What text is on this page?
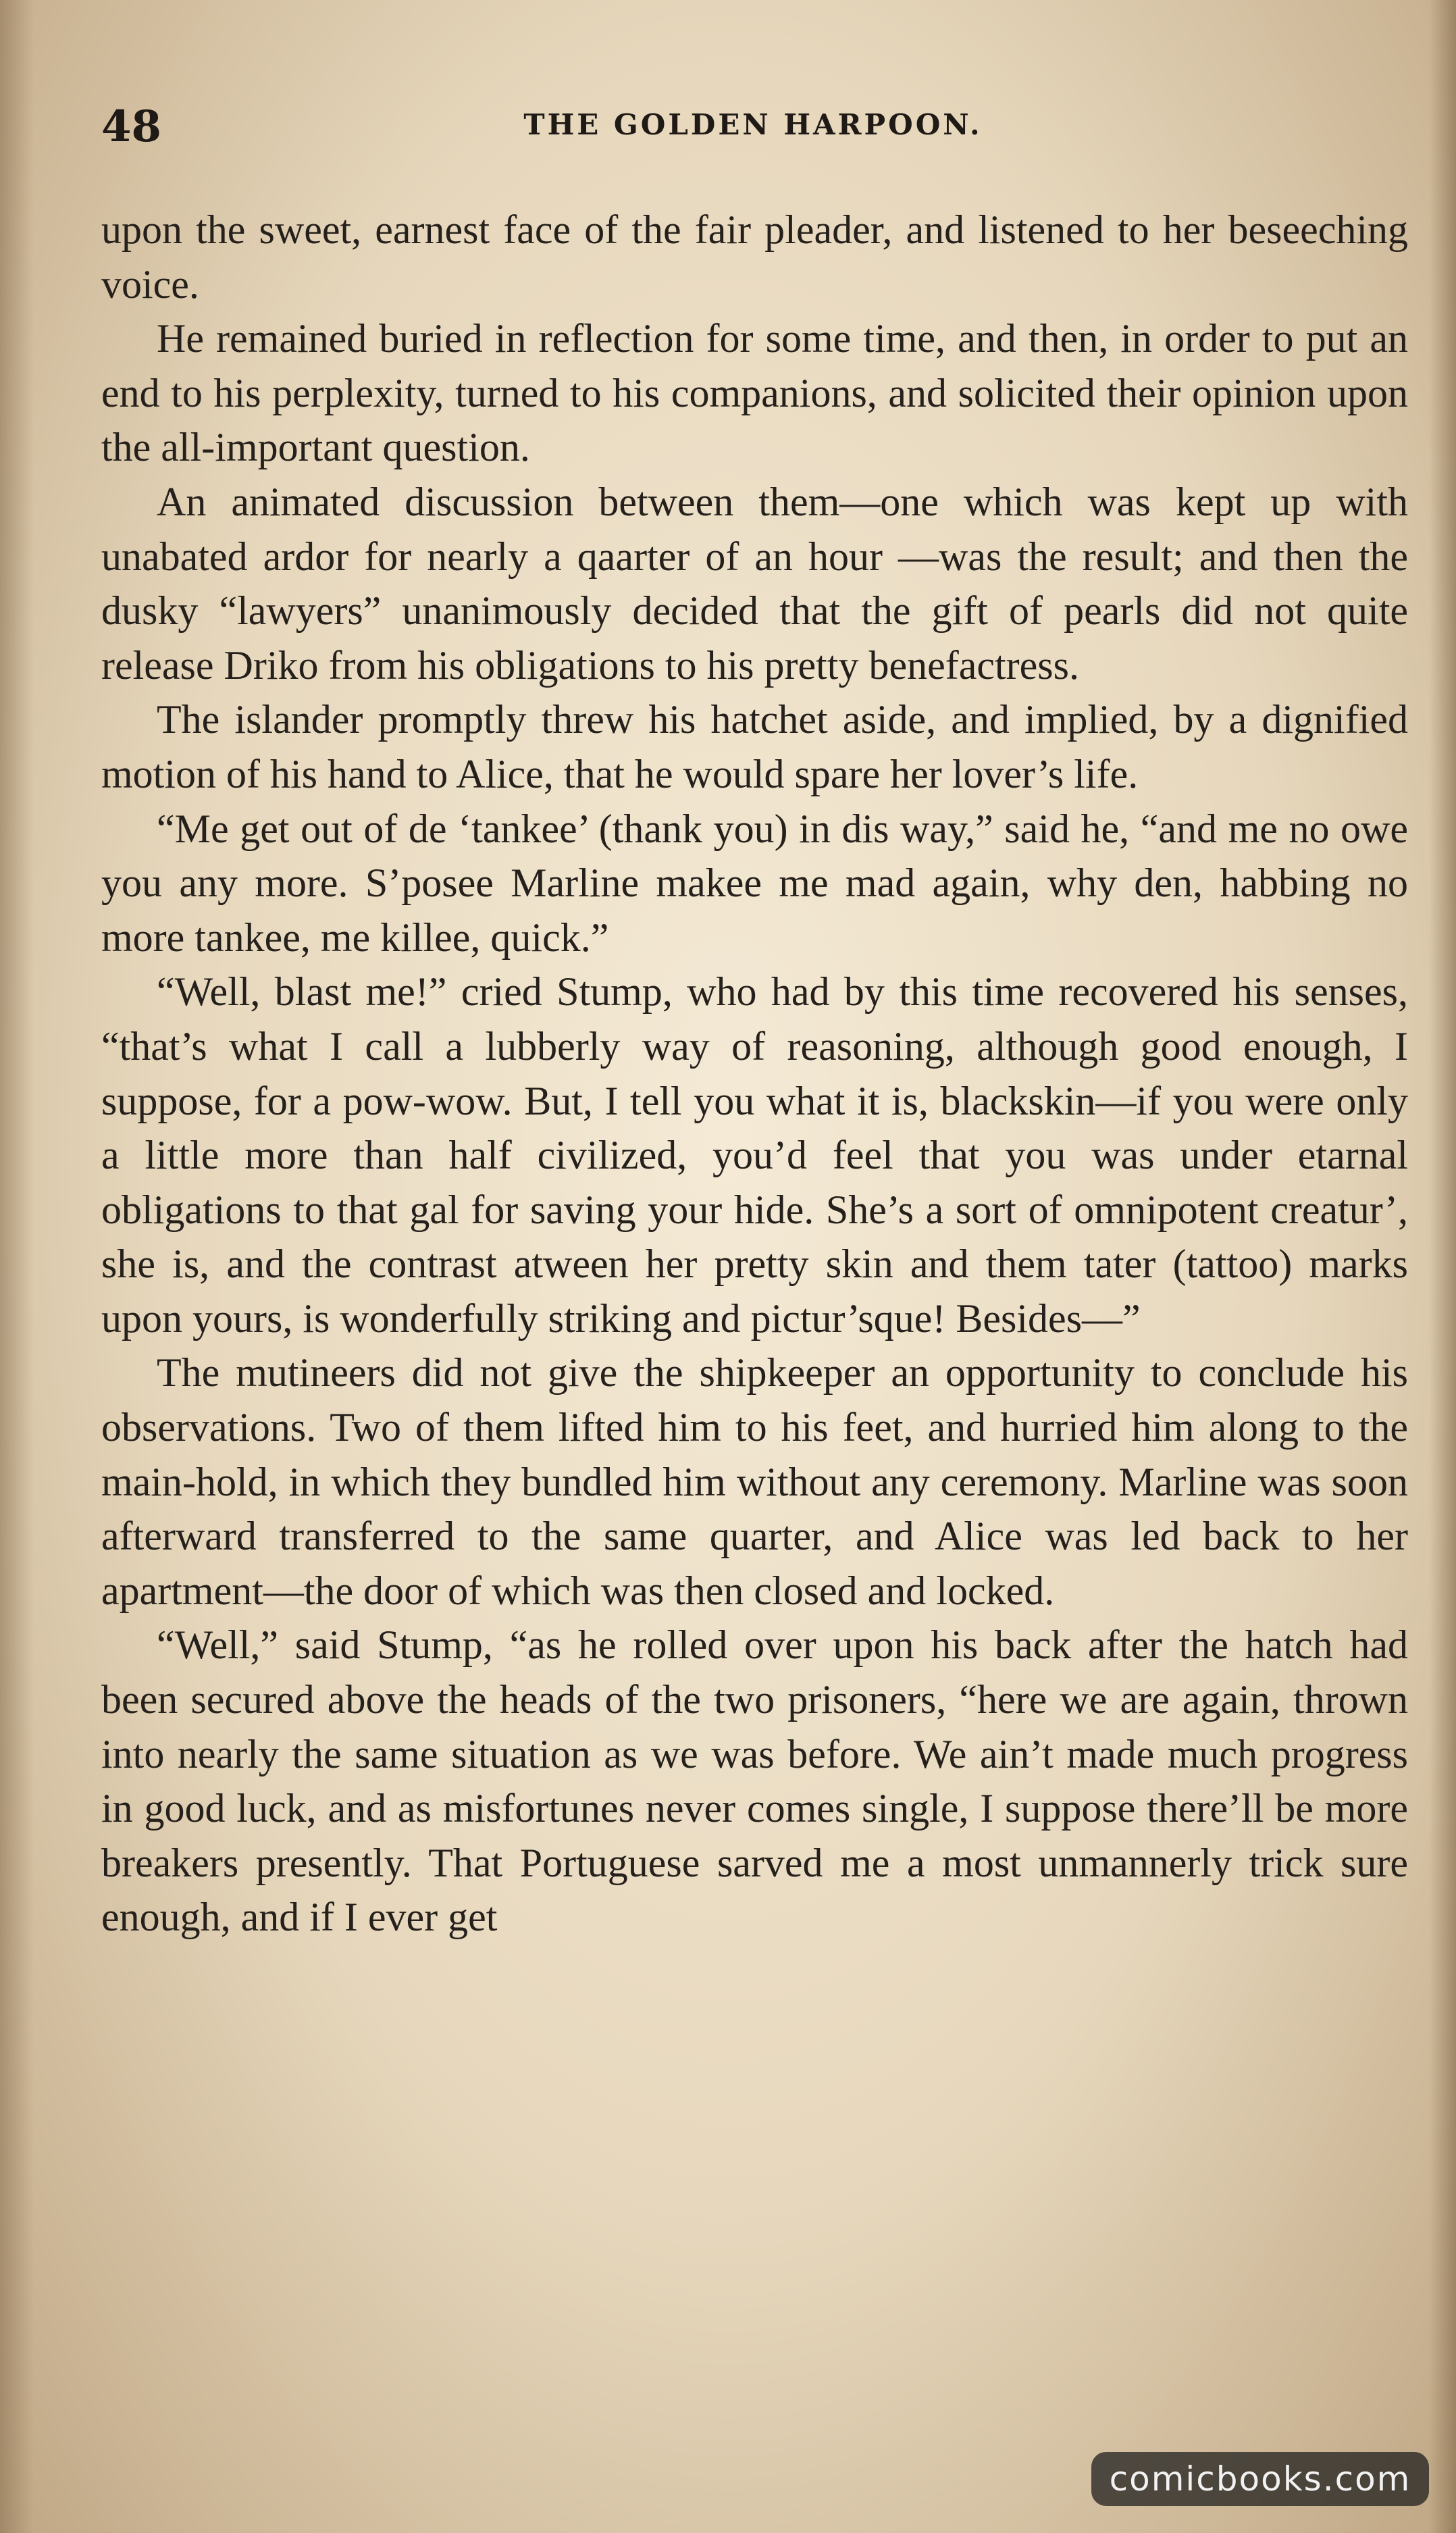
48	THE GOLDEN HARPOON.

upon the sweet, earnest face of the fair pleader, and listened to her beseeching voice.

He remained buried in reflection for some time, and then, in order to put an end to his perplexity, turned to his companions, and solicited their opinion upon the all-important question.

An animated discussion between them—one which was kept up with unabated ardor for nearly a qaarter of an hour —was the result; and then the dusky “lawyers” unanimously decided that the gift of pearls did not quite release Driko from his obligations to his pretty benefactress.

The islander promptly threw his hatchet aside, and implied, by a dignified motion of his hand to Alice, that he would spare her lover’s life.

“Me get out of de ‘tankee’ (thank you) in dis way,” said he, “and me no owe you any more. S’posee Marline makee me mad again, why den, habbing no more tankee, me killee, quick.”

“Well, blast me!” cried Stump, who had by this time recovered his senses, “that’s what I call a lubberly way of reasoning, although good enough, I suppose, for a pow-wow. But, I tell you what it is, blackskin—if you were only a little more than half civilized, you’d feel that you was under etarnal obligations to that gal for saving your hide. She’s a sort of omnipotent creatur’, she is, and the contrast atween her pretty skin and them tater (tattoo) marks upon yours, is wonderfully striking and pictur’sque! Besides—”

The mutineers did not give the shipkeeper an opportunity to conclude his observations. Two of them lifted him to his feet, and hurried him along to the main-hold, in which they bundled him without any ceremony. Marline was soon afterward transferred to the same quarter, and Alice was led back to her apartment—the door of which was then closed and locked.

“Well,” said Stump, “as he rolled over upon his back after the hatch had been secured above the heads of the two prisoners, “here we are again, thrown into nearly the same situation as we was before. We ain’t made much progress in good luck, and as misfortunes never comes single, I suppose there’ll be more breakers presently. That Portuguese sarved me a most unmannerly trick sure enough, and if I ever get

comicbooks.com
